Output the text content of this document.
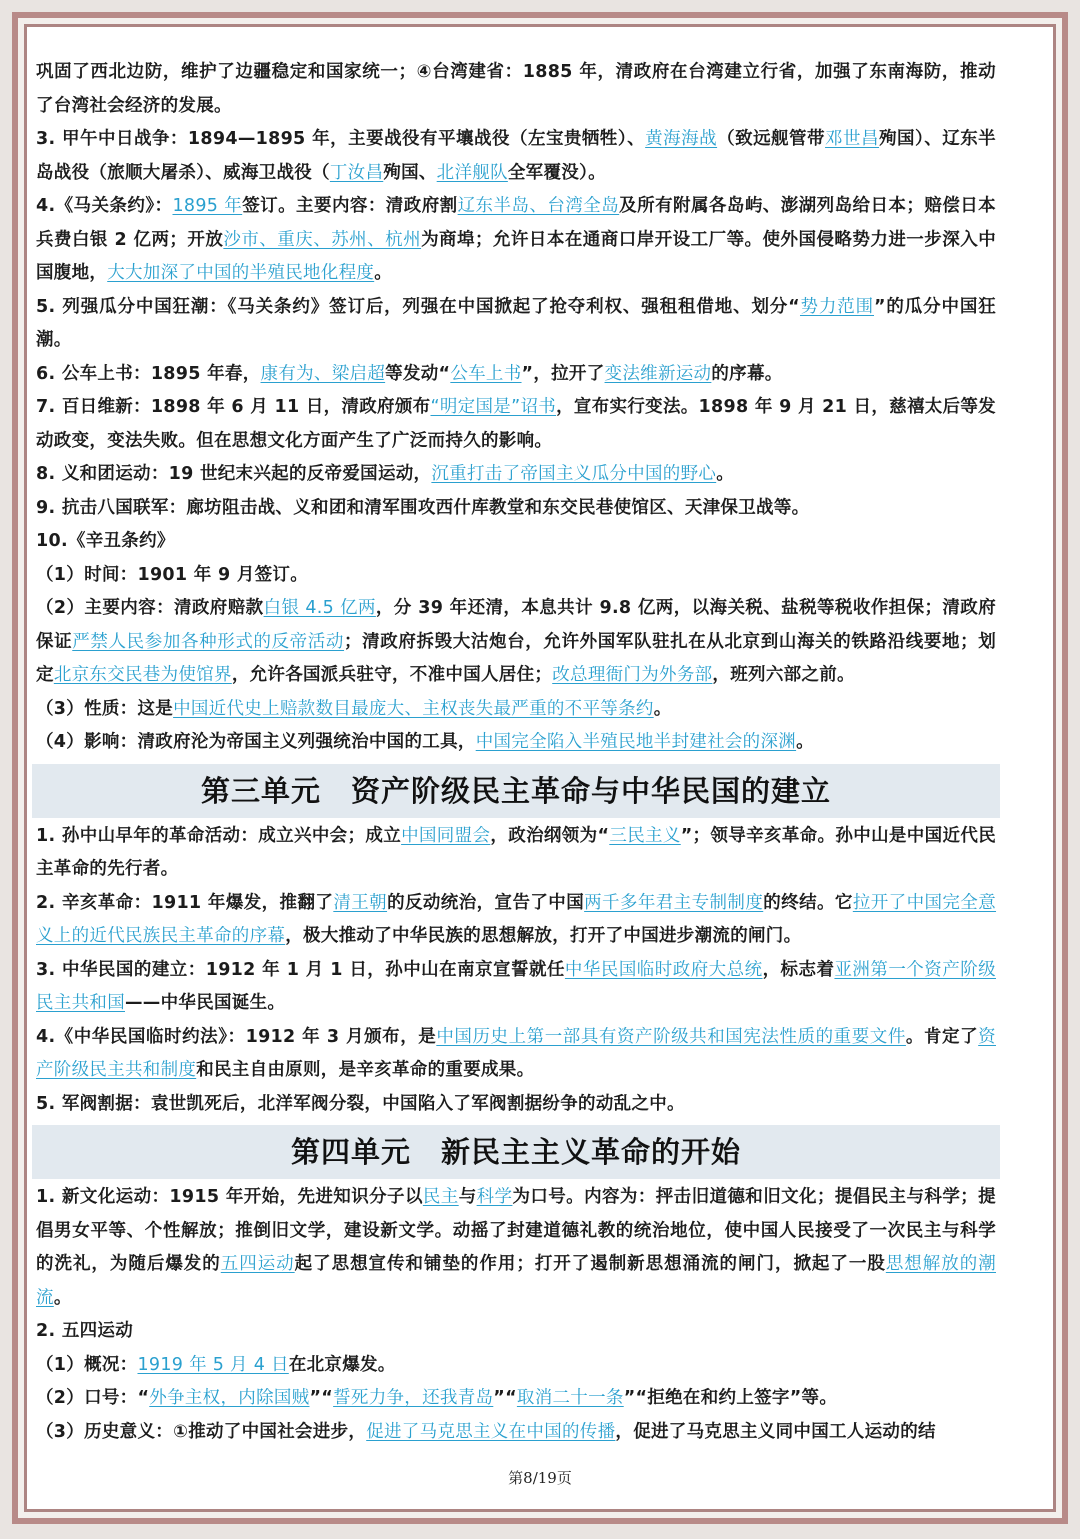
巩固了西北边防，维护了边疆稳定和国家统一；④台湾建省：1885 年，清政府在台湾建立行省，加强了东南海防，推动了台湾社会经济的发展。
3. 甲午中日战争：1894—1895 年，主要战役有平壤战役（左宝贵牺牲）、黄海海战（致远舰管带邓世昌殉国）、辽东半岛战役（旅顺大屠杀）、威海卫战役（丁汝昌殉国、北洋舰队全军覆没）。
4.《马关条约》：1895 年签订。主要内容：清政府割辽东半岛、台湾全岛及所有附属各岛屿、澎湖列岛给日本；赔偿日本兵费白银 2 亿两；开放沙市、重庆、苏州、杭州为商埠；允许日本在通商口岸开设工厂等。使外国侵略势力进一步深入中国腹地，大大加深了中国的半殖民地化程度。
5. 列强瓜分中国狂潮：《马关条约》签订后，列强在中国掀起了抢夺利权、强租租借地、划分“势力范围”的瓜分中国狂潮。
6. 公车上书：1895 年春，康有为、梁启超等发动“公车上书”，拉开了变法维新运动的序幕。
7. 百日维新：1898 年 6 月 11 日，清政府颁布“明定国是”诏书，宣布实行变法。1898 年 9 月 21 日，慈禧太后等发动政变，变法失败。但在思想文化方面产生了广泛而持久的影响。
8. 义和团运动：19 世纪末兴起的反帝爱国运动，沉重打击了帝国主义瓜分中国的野心。
9. 抗击八国联军：廊坊阻击战、义和团和清军围攻西什库教堂和东交民巷使馆区、天津保卫战等。
10.《辛丑条约》
（1）时间：1901 年 9 月签订。
（2）主要内容：清政府赔款白银 4.5 亿两，分 39 年还清，本息共计 9.8 亿两，以海关税、盐税等税收作担保；清政府保证严禁人民参加各种形式的反帝活动；清政府拆毁大沽炮台，允许外国军队驻扎在从北京到山海关的铁路沿线要地；划定北京东交民巷为使馆界，允许各国派兵驻守，不准中国人居住；改总理衙门为外务部，班列六部之前。
（3）性质：这是中国近代史上赔款数目最庞大、主权丧失最严重的不平等条约。
（4）影响：清政府沦为帝国主义列强统治中国的工具，中国完全陷入半殖民地半封建社会的深渊。
第三单元 资产阶级民主革命与中华民国的建立
1. 孙中山早年的革命活动：成立兴中会；成立中国同盟会，政治纲领为“三民主义”；领导辛亥革命。孙中山是中国近代民主革命的先行者。
2. 辛亥革命：1911 年爆发，推翻了清王朝的反动统治，宣告了中国两千多年君主专制制度的终结。它拉开了中国完全意义上的近代民族民主革命的序幕，极大推动了中华民族的思想解放，打开了中国进步潮流的闸门。
3. 中华民国的建立：1912 年 1 月 1 日，孙中山在南京宣誓就任中华民国临时政府大总统，标志着亚洲第一个资产阶级民主共和国——中华民国诞生。
4.《中华民国临时约法》：1912 年 3 月颁布，是中国历史上第一部具有资产阶级共和国宪法性质的重要文件。肯定了资产阶级民主共和制度和民主自由原则，是辛亥革命的重要成果。
5. 军阀割据：袁世凯死后，北洋军阀分裂，中国陷入了军阀割据纷争的动乱之中。
第四单元 新民主主义革命的开始
1. 新文化运动：1915 年开始，先进知识分子以民主与科学为口号。内容为：抨击旧道德和旧文化；提倡民主与科学；提倡男女平等、个性解放；推倒旧文学，建设新文学。动摇了封建道德礼教的统治地位，使中国人民接受了一次民主与科学的洗礼，为随后爆发的五四运动起了思想宣传和铺垫的作用；打开了遏制新思想涌流的闸门，掀起了一股思想解放的潮流。
2. 五四运动
（1）概况：1919 年 5 月 4 日在北京爆发。
（2）口号：“外争主权，内除国贼”“誓死力争，还我青岛”“取消二十一条”“拒绝在和约上签字”等。
（3）历史意义：①推动了中国社会进步，促进了马克思主义在中国的传播，促进了马克思主义同中国工人运动的结
第8/19页
